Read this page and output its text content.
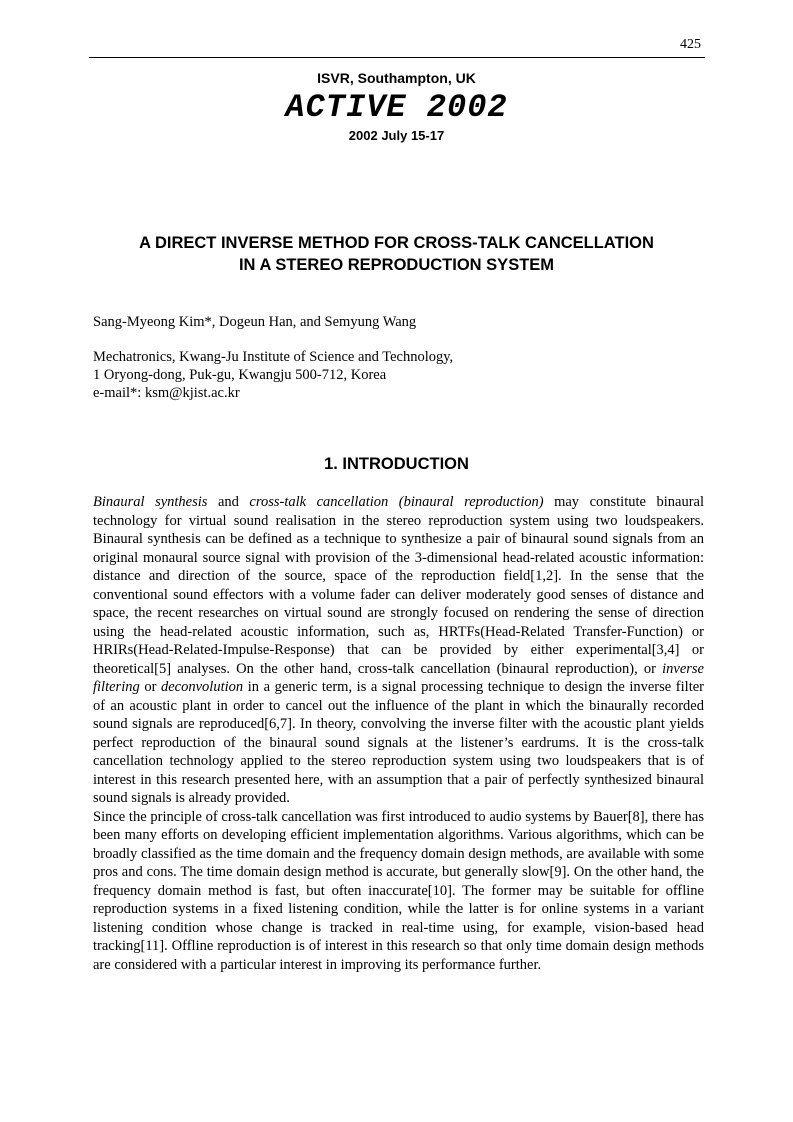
425
ISVR, Southampton, UK
ACTIVE 2002
2002 July 15-17
A DIRECT INVERSE METHOD FOR CROSS-TALK CANCELLATION
IN A STEREO REPRODUCTION SYSTEM
Sang-Myeong Kim*, Dogeun Han, and Semyung Wang
Mechatronics, Kwang-Ju Institute of Science and Technology,
1 Oryong-dong, Puk-gu, Kwangju 500-712, Korea
e-mail*: ksm@kjist.ac.kr
1. INTRODUCTION

Binaural synthesis and cross-talk cancellation (binaural reproduction) may constitute binaural technology for virtual sound realisation in the stereo reproduction system using two loudspeakers. Binaural synthesis can be defined as a technique to synthesize a pair of binaural sound signals from an original monaural source signal with provision of the 3-dimensional head-related acoustic information: distance and direction of the source, space of the reproduction field[1,2]. In the sense that the conventional sound effectors with a volume fader can deliver moderately good senses of distance and space, the recent researches on virtual sound are strongly focused on rendering the sense of direction using the head-related acoustic information, such as, HRTFs(Head-Related Transfer-Function) or HRIRs(Head-Related-Impulse-Response) that can be provided by either experimental[3,4] or theoretical[5] analyses. On the other hand, cross-talk cancellation (binaural reproduction), or inverse filtering or deconvolution in a generic term, is a signal processing technique to design the inverse filter of an acoustic plant in order to cancel out the influence of the plant in which the binaurally recorded sound signals are reproduced[6,7]. In theory, convolving the inverse filter with the acoustic plant yields perfect reproduction of the binaural sound signals at the listener’s eardrums. It is the cross-talk cancellation technology applied to the stereo reproduction system using two loudspeakers that is of interest in this research presented here, with an assumption that a pair of perfectly synthesized binaural sound signals is already provided.

Since the principle of cross-talk cancellation was first introduced to audio systems by Bauer[8], there has been many efforts on developing efficient implementation algorithms. Various algorithms, which can be broadly classified as the time domain and the frequency domain design methods, are available with some pros and cons. The time domain design method is accurate, but generally slow[9]. On the other hand, the frequency domain method is fast, but often inaccurate[10]. The former may be suitable for offline reproduction systems in a fixed listening condition, while the latter is for online systems in a variant listening condition whose change is tracked in real-time using, for example, vision-based head tracking[11]. Offline reproduction is of interest in this research so that only time domain design methods are considered with a particular interest in improving its performance further.
